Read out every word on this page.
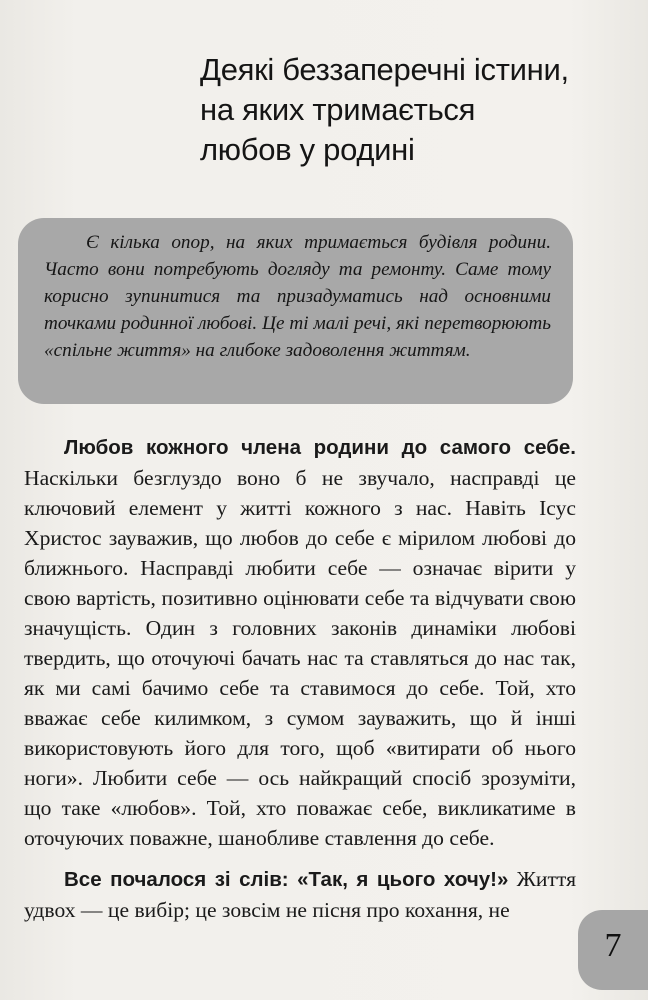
Деякі беззаперечні істини,
на яких тримається
любов у родині

Є кілька опор, на яких тримається будівля родини. Часто вони потребують догляду та ремонту. Саме тому корисно зупинитися та призадуматись над основними точками родинної любові. Це ті малі речі, які перетворюють «спільне життя» на глибоке задоволення життям.

Любов кожного члена родини до самого себе. Наскільки безглуздо воно б не звучало, насправді це ключовий елемент у житті кожного з нас. Навіть Ісус Христос зауважив, що любов до себе є мірилом любові до ближнього. Насправді любити себе — означає вірити у свою вартість, позитивно оцінювати себе та відчувати свою значущість. Один з головних законів динаміки любові твердить, що оточуючі бачать нас та ставляться до нас так, як ми самі бачимо себе та ставимося до себе. Той, хто вважає себе килимком, з сумом зауважить, що й інші використовують його для того, щоб «витирати об нього ноги». Любити себе — ось найкращий спосіб зрозуміти, що таке «любов». Той, хто поважає себе, викликатиме в оточуючих поважне, шанобливе ставлення до себе.

Все почалося зі слів: «Так, я цього хочу!» Життя удвох — це вибір; це зовсім не пісня про кохання, не

7
